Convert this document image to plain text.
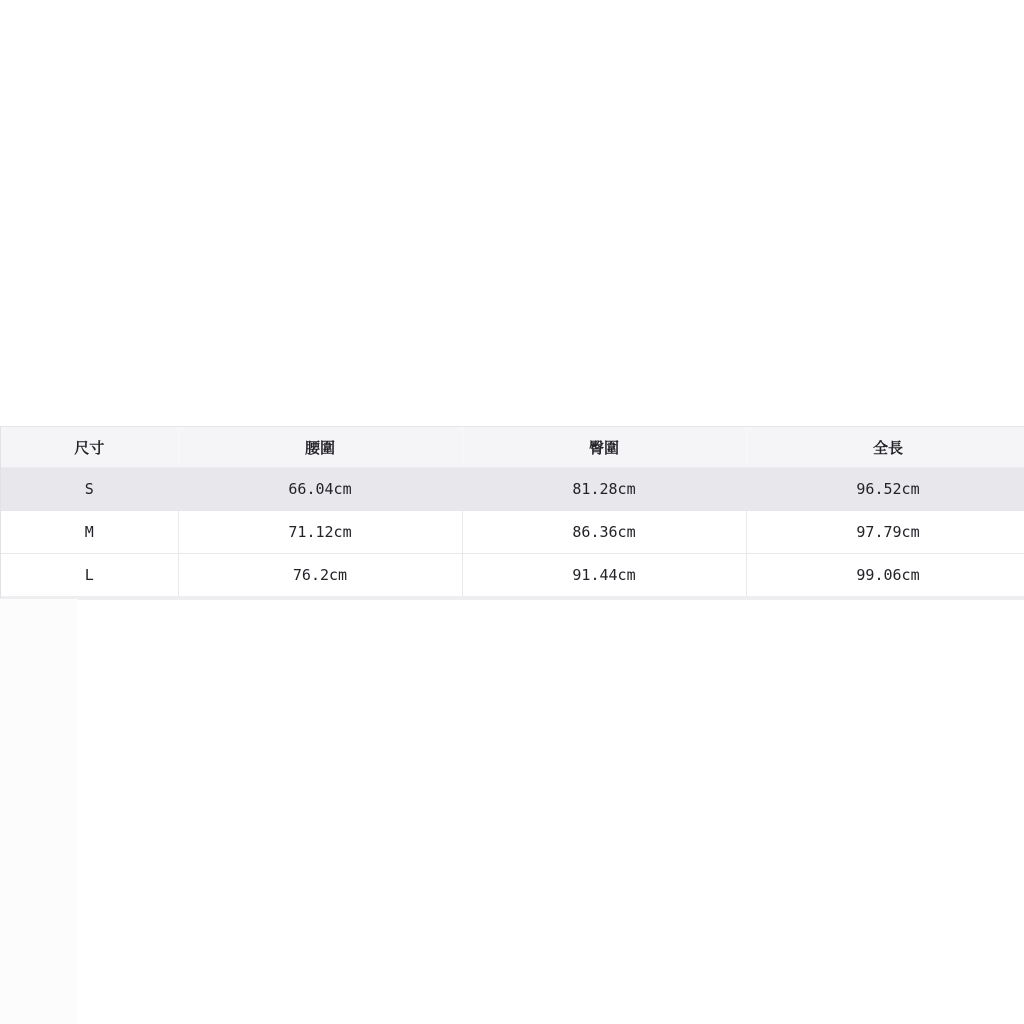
尺寸	腰圍	臀圍	全長
S	66.04cm	81.28cm	96.52cm
M	71.12cm	86.36cm	97.79cm
L	76.2cm	91.44cm	99.06cm
